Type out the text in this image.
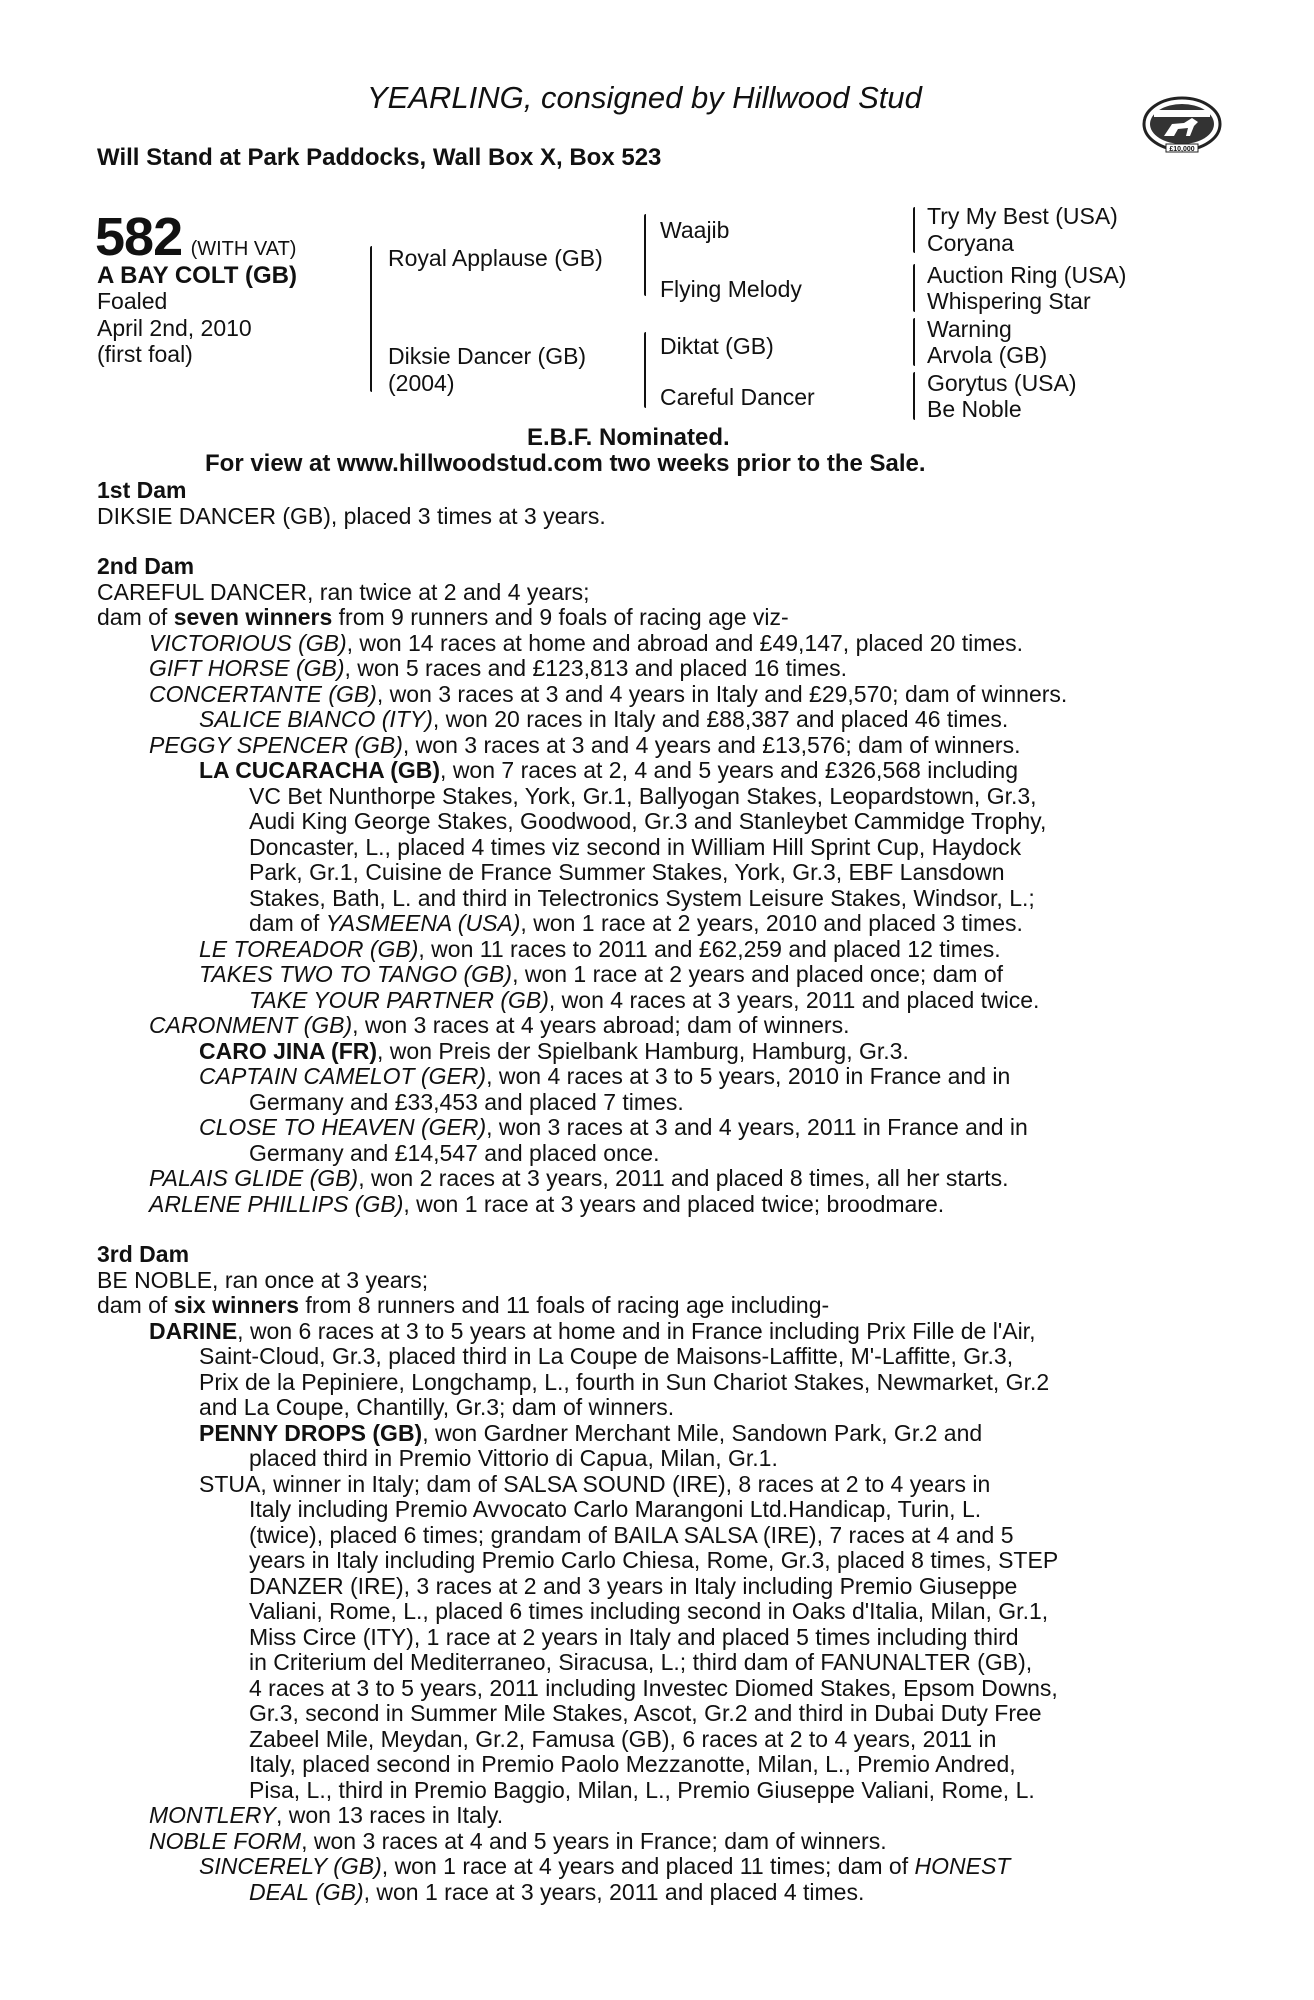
YEARLING, consigned by Hillwood Stud
Will Stand at Park Paddocks, Wall Box X, Box 523	£10,000
582 (WITH VAT)
A BAY COLT (GB)
Foaled
April 2nd, 2010
(first foal)
Royal Applause (GB)
Diksie Dancer (GB)
(2004)
Waajib
Flying Melody
Diktat (GB)
Careful Dancer
Try My Best (USA)
Coryana
Auction Ring (USA)
Whispering Star
Warning
Arvola (GB)
Gorytus (USA)
Be Noble
E.B.F. Nominated.
For view at www.hillwoodstud.com two weeks prior to the Sale.

1st Dam

DIKSIE DANCER (GB), placed 3 times at 3 years.

2nd Dam

CAREFUL DANCER, ran twice at 2 and 4 years;

dam of seven winners from 9 runners and 9 foals of racing age viz-

VICTORIOUS (GB), won 14 races at home and abroad and £49,147, placed 20 times.

GIFT HORSE (GB), won 5 races and £123,813 and placed 16 times.

CONCERTANTE (GB), won 3 races at 3 and 4 years in Italy and £29,570; dam of winners.

SALICE BIANCO (ITY), won 20 races in Italy and £88,387 and placed 46 times.

PEGGY SPENCER (GB), won 3 races at 3 and 4 years and £13,576; dam of winners.

LA CUCARACHA (GB), won 7 races at 2, 4 and 5 years and £326,568 including

VC Bet Nunthorpe Stakes, York, Gr.1, Ballyogan Stakes, Leopardstown, Gr.3,

Audi King George Stakes, Goodwood, Gr.3 and Stanleybet Cammidge Trophy,

Doncaster, L., placed 4 times viz second in William Hill Sprint Cup, Haydock

Park, Gr.1, Cuisine de France Summer Stakes, York, Gr.3, EBF Lansdown

Stakes, Bath, L. and third in Telectronics System Leisure Stakes, Windsor, L.;

dam of YASMEENA (USA), won 1 race at 2 years, 2010 and placed 3 times.

LE TOREADOR (GB), won 11 races to 2011 and £62,259 and placed 12 times.

TAKES TWO TO TANGO (GB), won 1 race at 2 years and placed once; dam of

TAKE YOUR PARTNER (GB), won 4 races at 3 years, 2011 and placed twice.

CARONMENT (GB), won 3 races at 4 years abroad; dam of winners.

CARO JINA (FR), won Preis der Spielbank Hamburg, Hamburg, Gr.3.

CAPTAIN CAMELOT (GER), won 4 races at 3 to 5 years, 2010 in France and in

Germany and £33,453 and placed 7 times.

CLOSE TO HEAVEN (GER), won 3 races at 3 and 4 years, 2011 in France and in

Germany and £14,547 and placed once.

PALAIS GLIDE (GB), won 2 races at 3 years, 2011 and placed 8 times, all her starts.

ARLENE PHILLIPS (GB), won 1 race at 3 years and placed twice; broodmare.

3rd Dam

BE NOBLE, ran once at 3 years;

dam of six winners from 8 runners and 11 foals of racing age including-

DARINE, won 6 races at 3 to 5 years at home and in France including Prix Fille de l'Air,

Saint-Cloud, Gr.3, placed third in La Coupe de Maisons-Laffitte, M'-Laffitte, Gr.3,

Prix de la Pepiniere, Longchamp, L., fourth in Sun Chariot Stakes, Newmarket, Gr.2

and La Coupe, Chantilly, Gr.3; dam of winners.

PENNY DROPS (GB), won Gardner Merchant Mile, Sandown Park, Gr.2 and

placed third in Premio Vittorio di Capua, Milan, Gr.1.

STUA, winner in Italy; dam of SALSA SOUND (IRE), 8 races at 2 to 4 years in

Italy including Premio Avvocato Carlo Marangoni Ltd.Handicap, Turin, L.

(twice), placed 6 times; grandam of BAILA SALSA (IRE), 7 races at 4 and 5

years in Italy including Premio Carlo Chiesa, Rome, Gr.3, placed 8 times, STEP

DANZER (IRE), 3 races at 2 and 3 years in Italy including Premio Giuseppe

Valiani, Rome, L., placed 6 times including second in Oaks d'Italia, Milan, Gr.1,

Miss Circe (ITY), 1 race at 2 years in Italy and placed 5 times including third

in Criterium del Mediterraneo, Siracusa, L.; third dam of FANUNALTER (GB),

4 races at 3 to 5 years, 2011 including Investec Diomed Stakes, Epsom Downs,

Gr.3, second in Summer Mile Stakes, Ascot, Gr.2 and third in Dubai Duty Free

Zabeel Mile, Meydan, Gr.2, Famusa (GB), 6 races at 2 to 4 years, 2011 in

Italy, placed second in Premio Paolo Mezzanotte, Milan, L., Premio Andred,

Pisa, L., third in Premio Baggio, Milan, L., Premio Giuseppe Valiani, Rome, L.

MONTLERY, won 13 races in Italy.

NOBLE FORM, won 3 races at 4 and 5 years in France; dam of winners.

SINCERELY (GB), won 1 race at 4 years and placed 11 times; dam of HONEST

DEAL (GB), won 1 race at 3 years, 2011 and placed 4 times.
